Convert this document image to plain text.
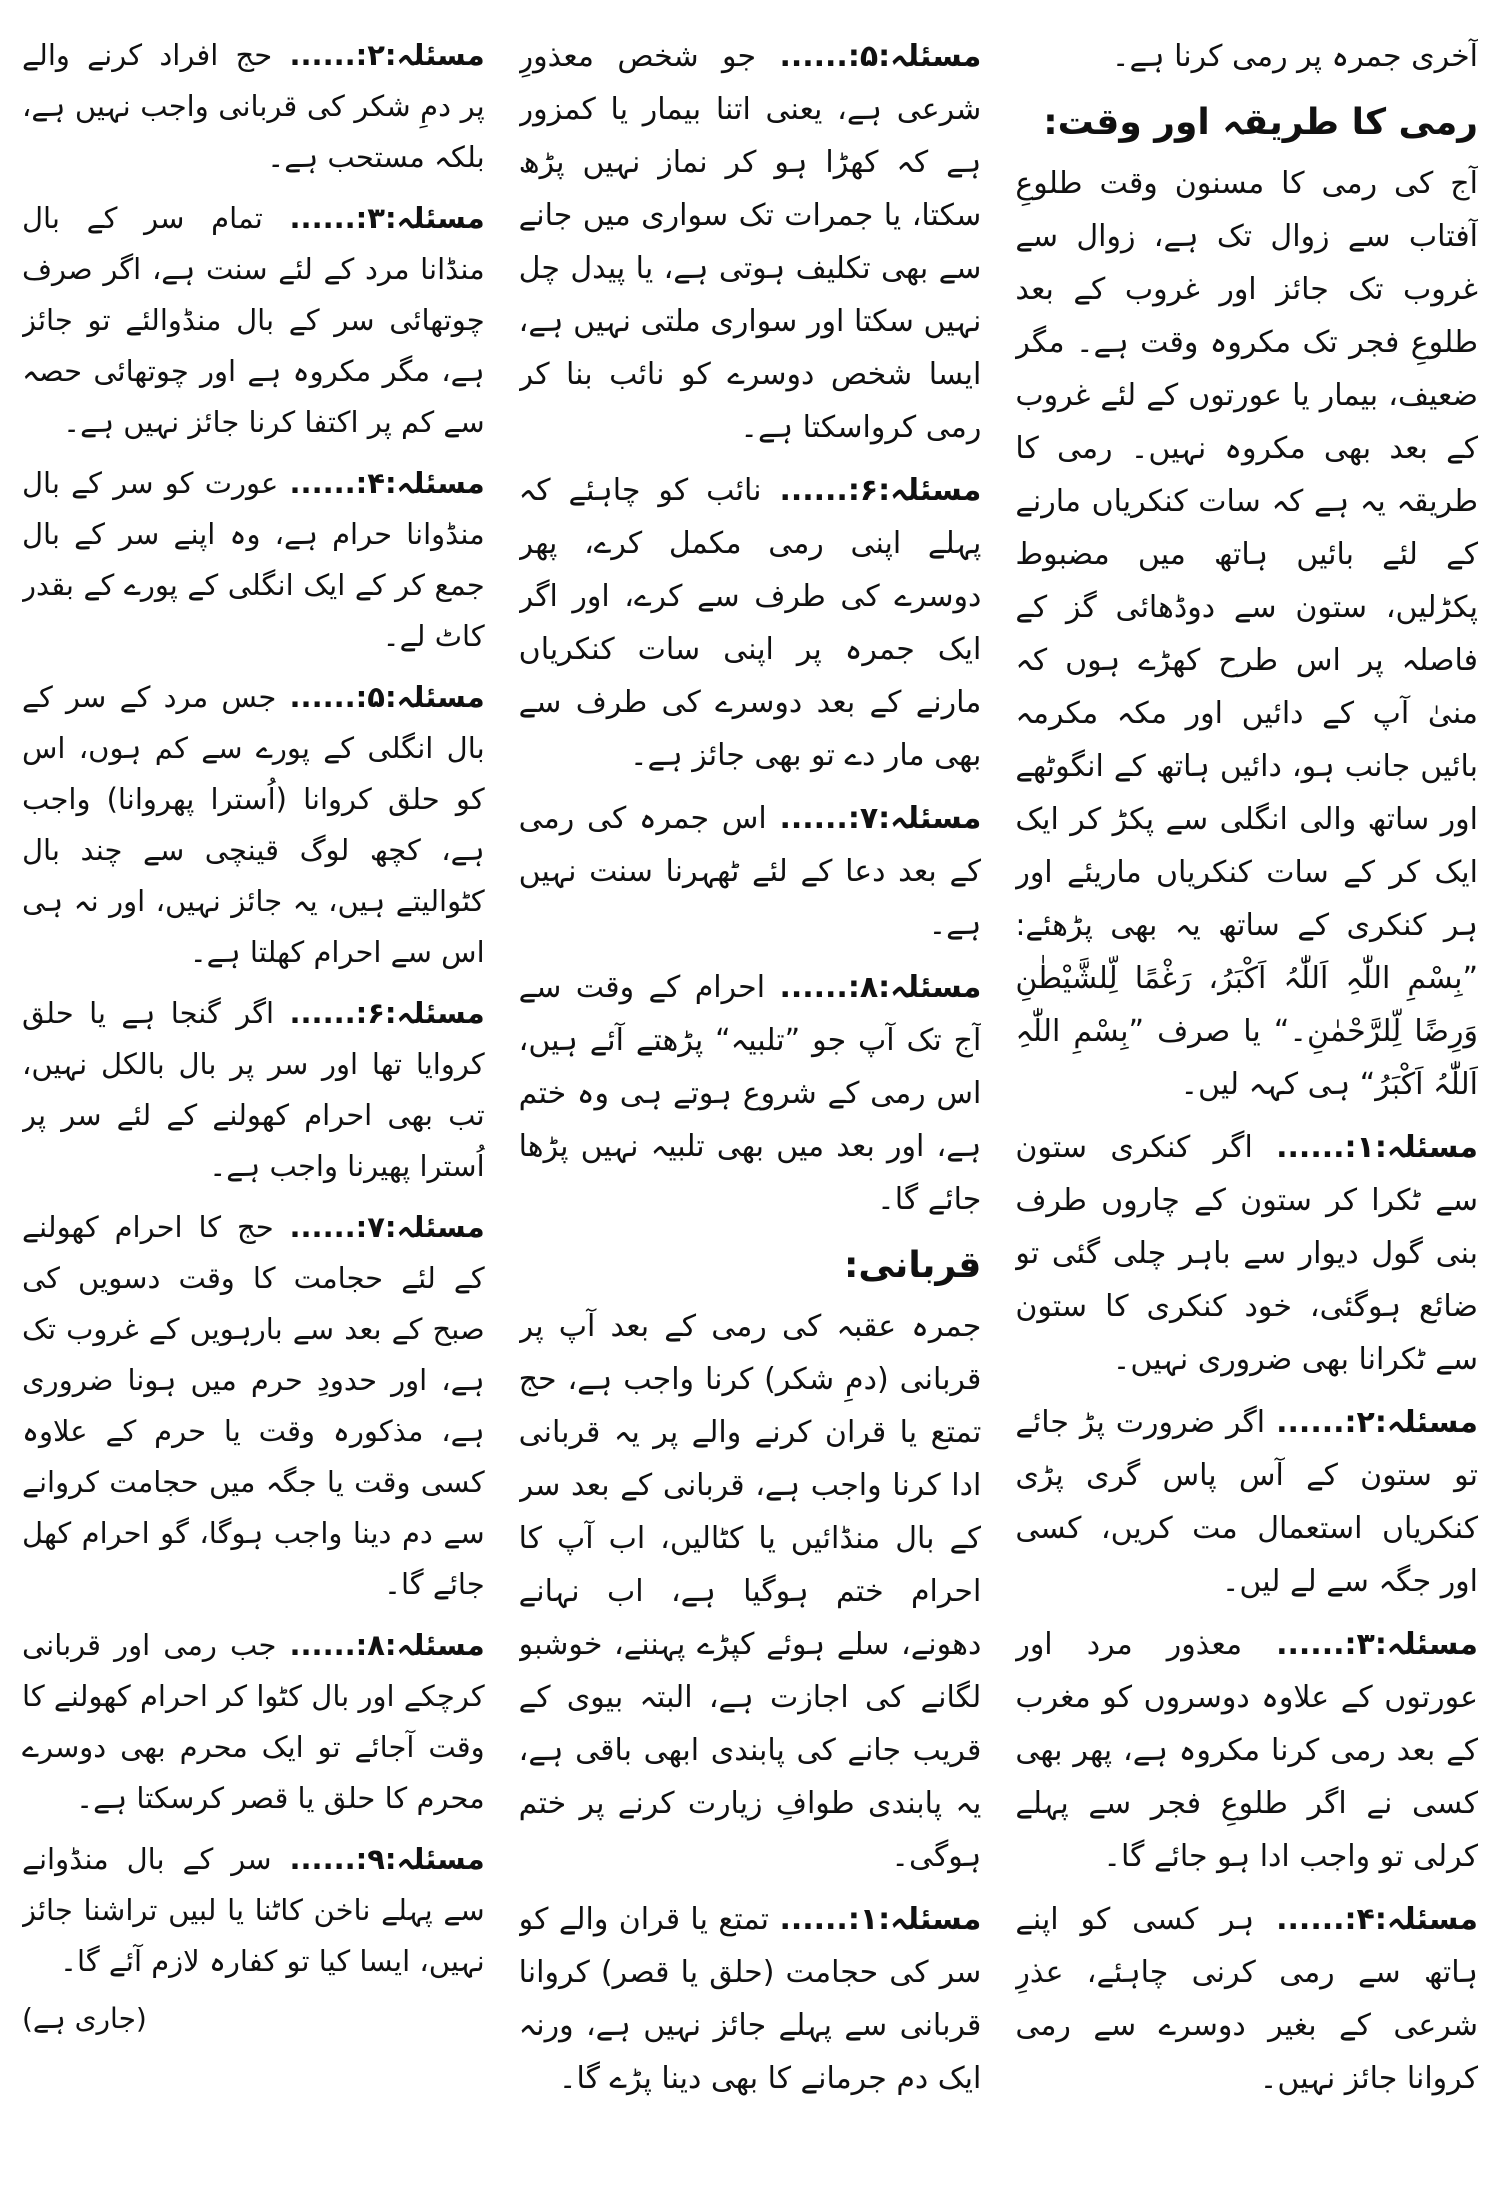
آخری جمرہ پر رمی کرنا ہے۔

رمی کا طریقہ اور وقت:

آج کی رمی کا مسنون وقت طلوعِ آفتاب سے زوال تک ہے، زوال سے غروب تک جائز اور غروب کے بعد طلوعِ فجر تک مکروہ وقت ہے۔ مگر ضعیف، بیمار یا عورتوں کے لئے غروب کے بعد بھی مکروہ نہیں۔ رمی کا طریقہ یہ ہے کہ سات کنکریاں مارنے کے لئے بائیں ہاتھ میں مضبوط پکڑلیں، ستون سے دوڈھائی گز کے فاصلہ پر اس طرح کھڑے ہوں کہ منیٰ آپ کے دائیں اور مکہ مکرمہ بائیں جانب ہو، دائیں ہاتھ کے انگوٹھے اور ساتھ والی انگلی سے پکڑ کر ایک ایک کر کے سات کنکریاں ماریئے اور ہر کنکری کے ساتھ یہ بھی پڑھئے: ”بِسْمِ اللّٰہِ اَللّٰہُ اَکْبَرُ، رَغْمًا لِّلشَّیْطٰنِ وَرِضًا لِّلرَّحْمٰنِ۔“ یا صرف ”بِسْمِ اللّٰہِ اَللّٰہُ اَکْبَرُ“ ہی کہہ لیں۔

مسئلہ:۱:...... اگر کنکری ستون سے ٹکرا کر ستون کے چاروں طرف بنی گول دیوار سے باہر چلی گئی تو ضائع ہوگئی، خود کنکری کا ستون سے ٹکرانا بھی ضروری نہیں۔

مسئلہ:۲:...... اگر ضرورت پڑ جائے تو ستون کے آس پاس گری پڑی کنکریاں استعمال مت کریں، کسی اور جگہ سے لے لیں۔

مسئلہ:۳:...... معذور مرد اور عورتوں کے علاوہ دوسروں کو مغرب کے بعد رمی کرنا مکروہ ہے، پھر بھی کسی نے اگر طلوعِ فجر سے پہلے کرلی تو واجب ادا ہو جائے گا۔

مسئلہ:۴:...... ہر کسی کو اپنے ہاتھ سے رمی کرنی چاہئے، عذرِ شرعی کے بغیر دوسرے سے رمی کروانا جائز نہیں۔

مسئلہ:۵:...... جو شخص معذورِ شرعی ہے، یعنی اتنا بیمار یا کمزور ہے کہ کھڑا ہو کر نماز نہیں پڑھ سکتا، یا جمرات تک سواری میں جانے سے بھی تکلیف ہوتی ہے، یا پیدل چل نہیں سکتا اور سواری ملتی نہیں ہے، ایسا شخص دوسرے کو نائب بنا کر رمی کرواسکتا ہے۔

مسئلہ:۶:...... نائب کو چاہئے کہ پہلے اپنی رمی مکمل کرے، پھر دوسرے کی طرف سے کرے، اور اگر ایک جمرہ پر اپنی سات کنکریاں مارنے کے بعد دوسرے کی طرف سے بھی مار دے تو بھی جائز ہے۔

مسئلہ:۷:...... اس جمرہ کی رمی کے بعد دعا کے لئے ٹھہرنا سنت نہیں ہے۔

مسئلہ:۸:...... احرام کے وقت سے آج تک آپ جو ”تلبیہ“ پڑھتے آئے ہیں، اس رمی کے شروع ہوتے ہی وہ ختم ہے، اور بعد میں بھی تلبیہ نہیں پڑھا جائے گا۔

قربانی:

جمرہ عقبہ کی رمی کے بعد آپ پر قربانی (دمِ شکر) کرنا واجب ہے، حج تمتع یا قران کرنے والے پر یہ قربانی ادا کرنا واجب ہے، قربانی کے بعد سر کے بال منڈائیں یا کٹالیں، اب آپ کا احرام ختم ہوگیا ہے، اب نہانے دھونے، سلے ہوئے کپڑے پہننے، خوشبو لگانے کی اجازت ہے، البتہ بیوی کے قریب جانے کی پابندی ابھی باقی ہے، یہ پابندی طوافِ زیارت کرنے پر ختم ہوگی۔

مسئلہ:۱:...... تمتع یا قران والے کو سر کی حجامت (حلق یا قصر) کروانا قربانی سے پہلے جائز نہیں ہے، ورنہ ایک دم جرمانے کا بھی دینا پڑے گا۔

مسئلہ:۲:...... حج افراد کرنے والے پر دمِ شکر کی قربانی واجب نہیں ہے، بلکہ مستحب ہے۔

مسئلہ:۳:...... تمام سر کے بال منڈانا مرد کے لئے سنت ہے، اگر صرف چوتھائی سر کے بال منڈوالئے تو جائز ہے، مگر مکروہ ہے اور چوتھائی حصہ سے کم پر اکتفا کرنا جائز نہیں ہے۔

مسئلہ:۴:...... عورت کو سر کے بال منڈوانا حرام ہے، وہ اپنے سر کے بال جمع کر کے ایک انگلی کے پورے کے بقدر کاٹ لے۔

مسئلہ:۵:...... جس مرد کے سر کے بال انگلی کے پورے سے کم ہوں، اس کو حلق کروانا (اُسترا پھروانا) واجب ہے، کچھ لوگ قینچی سے چند بال کٹوالیتے ہیں، یہ جائز نہیں، اور نہ ہی اس سے احرام کھلتا ہے۔

مسئلہ:۶:...... اگر گنجا ہے یا حلق کروایا تھا اور سر پر بال بالکل نہیں، تب بھی احرام کھولنے کے لئے سر پر اُسترا پھیرنا واجب ہے۔

مسئلہ:۷:...... حج کا احرام کھولنے کے لئے حجامت کا وقت دسویں کی صبح کے بعد سے بارہویں کے غروب تک ہے، اور حدودِ حرم میں ہونا ضروری ہے، مذکورہ وقت یا حرم کے علاوہ کسی وقت یا جگہ میں حجامت کروانے سے دم دینا واجب ہوگا، گو احرام کھل جائے گا۔

مسئلہ:۸:...... جب رمی اور قربانی کرچکے اور بال کٹوا کر احرام کھولنے کا وقت آجائے تو ایک محرم بھی دوسرے محرم کا حلق یا قصر کرسکتا ہے۔

مسئلہ:۹:...... سر کے بال منڈوانے سے پہلے ناخن کاٹنا یا لبیں تراشنا جائز نہیں، ایسا کیا تو کفارہ لازم آئے گا۔

(جاری ہے)
